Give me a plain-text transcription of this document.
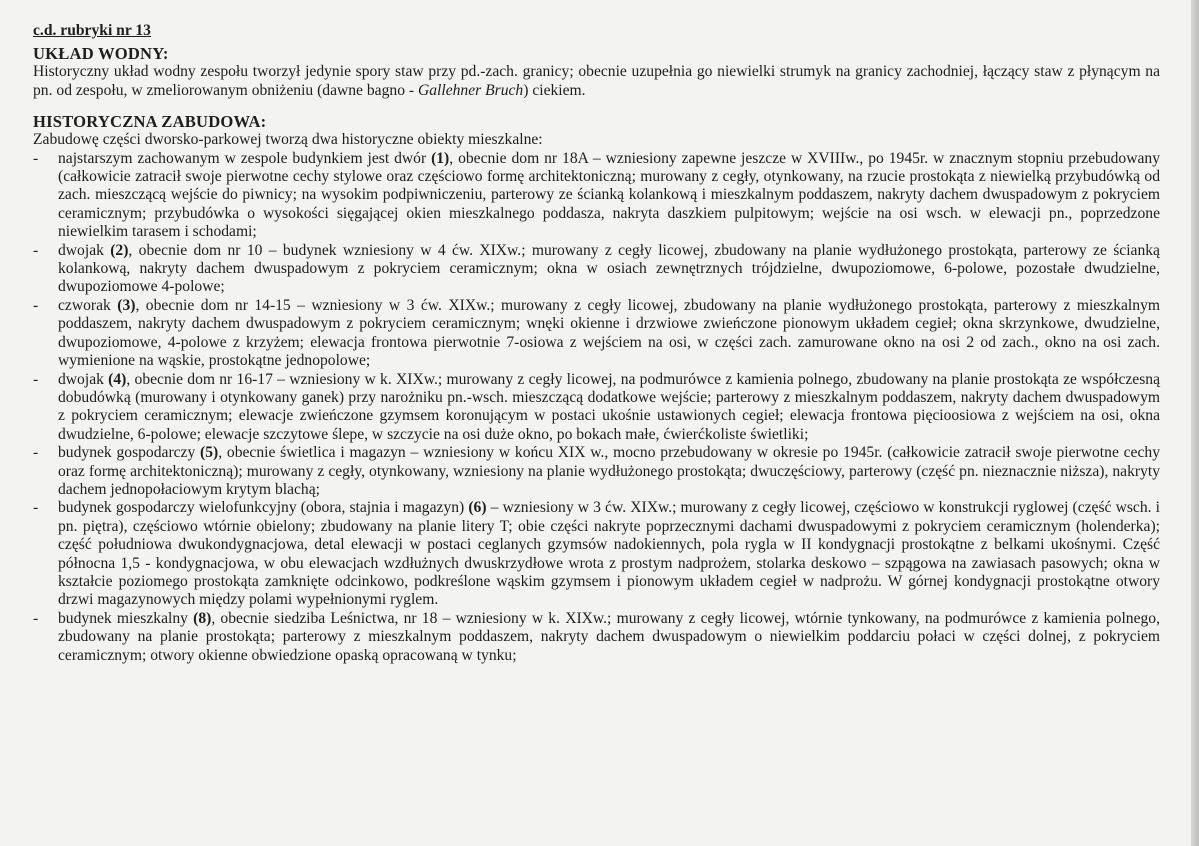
c.d. rubryki nr 13
UKŁAD WODNY:

Historyczny układ wodny zespołu tworzył jedynie spory staw przy pd.-zach. granicy; obecnie uzupełnia go niewielki strumyk na granicy zachodniej, łączący staw z płynącym na pn. od zespołu, w zmeliorowanym obniżeniu (dawne bagno - Gallehner Bruch) ciekiem.

HISTORYCZNA ZABUDOWA:

Zabudowę części dworsko-parkowej tworzą dwa historyczne obiekty mieszkalne:

- najstarszym zachowanym w zespole budynkiem jest dwór (1), obecnie dom nr 18A – wzniesiony zapewne jeszcze w XVIIIw., po 1945r. w znacznym stopniu przebudowany (całkowicie zatracił swoje pierwotne cechy stylowe oraz częściowo formę architektoniczną; murowany z cegły, otynkowany, na rzucie prostokąta z niewielką przybudówką od zach. mieszczącą wejście do piwnicy; na wysokim podpiwniczeniu, parterowy ze ścianką kolankową i mieszkalnym poddaszem, nakryty dachem dwuspadowym z pokryciem ceramicznym; przybudówka o wysokości sięgającej okien mieszkalnego poddasza, nakryta daszkiem pulpitowym; wejście na osi wsch. w elewacji pn., poprzedzone niewielkim tarasem i schodami;
- dwojak (2), obecnie dom nr 10 – budynek wzniesiony w 4 ćw. XIXw.; murowany z cegły licowej, zbudowany na planie wydłużonego prostokąta, parterowy ze ścianką kolankową, nakryty dachem dwuspadowym z pokryciem ceramicznym; okna w osiach zewnętrznych trójdzielne, dwupoziomowe, 6-polowe, pozostałe dwudzielne, dwupoziomowe 4-polowe;
- czworak (3), obecnie dom nr 14-15 – wzniesiony w 3 ćw. XIXw.; murowany z cegły licowej, zbudowany na planie wydłużonego prostokąta, parterowy z mieszkalnym poddaszem, nakryty dachem dwuspadowym z pokryciem ceramicznym; wnęki okienne i drzwiowe zwieńczone pionowym układem cegieł; okna skrzynkowe, dwudzielne, dwupoziomowe, 4-polowe z krzyżem; elewacja frontowa pierwotnie 7-osiowa z wejściem na osi, w części zach. zamurowane okno na osi 2 od zach., okno na osi zach. wymienione na wąskie, prostokątne jednopolowe;
- dwojak (4), obecnie dom nr 16-17 – wzniesiony w k. XIXw.; murowany z cegły licowej, na podmurówce z kamienia polnego, zbudowany na planie prostokąta ze współczesną dobudówką (murowany i otynkowany ganek) przy narożniku pn.-wsch. mieszczącą dodatkowe wejście; parterowy z mieszkalnym poddaszem, nakryty dachem dwuspadowym z pokryciem ceramicznym; elewacje zwieńczone gzymsem koronującym w postaci ukośnie ustawionych cegieł; elewacja frontowa pięcioosiowa z wejściem na osi, okna dwudzielne, 6-polowe; elewacje szczytowe ślepe, w szczycie na osi duże okno, po bokach małe, ćwierćkoliste świetliki;
- budynek gospodarczy (5), obecnie świetlica i magazyn – wzniesiony w końcu XIX w., mocno przebudowany w okresie po 1945r. (całkowicie zatracił swoje pierwotne cechy oraz formę architektoniczną); murowany z cegły, otynkowany, wzniesiony na planie wydłużonego prostokąta; dwuczęściowy, parterowy (część pn. nieznacznie niższa), nakryty dachem jednopołaciowym krytym blachą;
- budynek gospodarczy wielofunkcyjny (obora, stajnia i magazyn) (6) – wzniesiony w 3 ćw. XIXw.; murowany z cegły licowej, częściowo w konstrukcji ryglowej (część wsch. i pn. piętra), częściowo wtórnie obielony; zbudowany na planie litery T; obie części nakryte poprzecznymi dachami dwuspadowymi z pokryciem ceramicznym (holenderka); część południowa dwukondygnacjowa, detal elewacji w postaci ceglanych gzymsów nadokiennych, pola rygla w II kondygnacji prostokątne z belkami ukośnymi. Część północna 1,5 - kondygnacjowa, w obu elewacjach wzdłużnych dwuskrzydłowe wrota z prostym nadprożem, stolarka deskowo – szpągowa na zawiasach pasowych; okna w kształcie poziomego prostokąta zamknięte odcinkowo, podkreślone wąskim gzymsem i pionowym układem cegieł w nadprożu. W górnej kondygnacji prostokątne otwory drzwi magazynowych między polami wypełnionymi ryglem.
- budynek mieszkalny (8), obecnie siedziba Leśnictwa, nr 18 – wzniesiony w k. XIXw.; murowany z cegły licowej, wtórnie tynkowany, na podmurówce z kamienia polnego, zbudowany na planie prostokąta; parterowy z mieszkalnym poddaszem, nakryty dachem dwuspadowym o niewielkim poddarciu połaci w części dolnej, z pokryciem ceramicznym; otwory okienne obwiedzione opaską opracowaną w tynku;
